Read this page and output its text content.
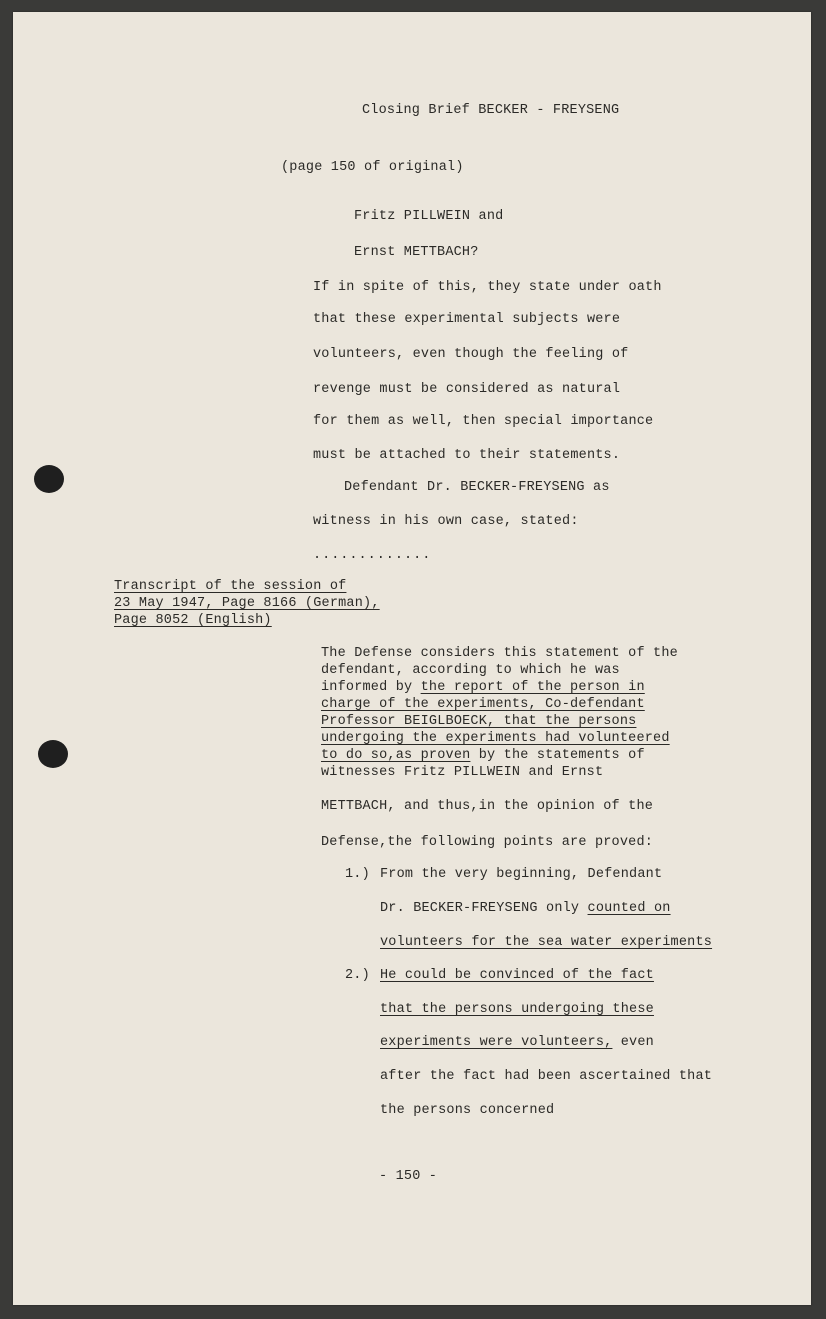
Closing Brief BECKER - FREYSENG
(page 150 of original)
Fritz PILLWEIN and
Ernst METTBACH?
If in spite of this, they state under oath
that these experimental subjects were
volunteers, even though the feeling of
revenge must be considered as natural
for them as well, then special importance
must be attached to their statements.
Defendant Dr. BECKER-FREYSENG as
witness in his own case, stated:
.............
Transcript of the session of
23 May 1947, Page 8166 (German),
Page 8052 (English)
The Defense considers this statement of the
defendant, according to which he was
informed by the report of the person in
charge of the experiments, Co-defendant
Professor BEIGLBOECK, that the persons
undergoing the experiments had volunteered
to do so,as proven by the statements of
witnesses Fritz PILLWEIN and Ernst
METTBACH, and thus,in the opinion of the
Defense,the following points are proved:
1.) From the very beginning, Defendant
Dr. BECKER-FREYSENG only counted on
volunteers for the sea water experiments
2.) He could be convinced of the fact
that the persons undergoing these
experiments were volunteers, even
after the fact had been ascertained that
the persons concerned
- 150 -
